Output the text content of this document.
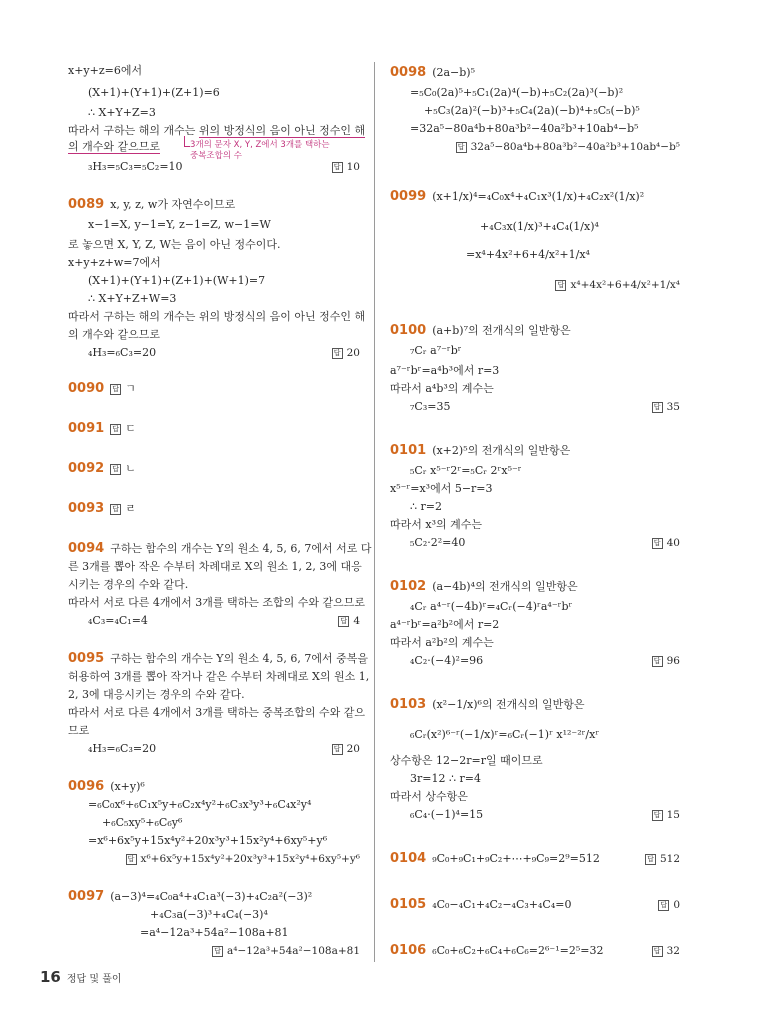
x+y+z=6에서
(X+1)+(Y+1)+(Z+1)=6
∴ X+Y+Z=3
따라서 구하는 해의 개수는 위의 방정식의 음이 아닌 정수인 해
의 개수와 같으므로	3개의 문자 X, Y, Z에서 3개를 택하는
중복조합의 수
₃H₃=₅C₃=₅C₂=10	답 10
0089 x, y, z, w가 자연수이므로
x−1=X, y−1=Y, z−1=Z, w−1=W
로 놓으면 X, Y, Z, W는 음이 아닌 정수이다.
x+y+z+w=7에서
(X+1)+(Y+1)+(Z+1)+(W+1)=7
∴ X+Y+Z+W=3
따라서 구하는 해의 개수는 위의 방정식의 음이 아닌 정수인 해
의 개수와 같으므로
₄H₃=₆C₃=20	답 20
0090 답 ㄱ
0091 답 ㄷ
0092 답 ㄴ
0093 답 ㄹ
0094 구하는 함수의 개수는 Y의 원소 4, 5, 6, 7에서 서로 다
른 3개를 뽑아 작은 수부터 차례대로 X의 원소 1, 2, 3에 대응
시키는 경우의 수와 같다.
따라서 서로 다른 4개에서 3개를 택하는 조합의 수와 같으므로
₄C₃=₄C₁=4	답 4
0095 구하는 함수의 개수는 Y의 원소 4, 5, 6, 7에서 중복을
허용하여 3개를 뽑아 작거나 같은 수부터 차례대로 X의 원소 1,
2, 3에 대응시키는 경우의 수와 같다.
따라서 서로 다른 4개에서 3개를 택하는 중복조합의 수와 같으
므로
₄H₃=₆C₃=20	답 20
0096 (x+y)⁶
=₆C₀x⁶+₆C₁x⁵y+₆C₂x⁴y²+₆C₃x³y³+₆C₄x²y⁴
+₆C₅xy⁵+₆C₆y⁶
=x⁶+6x⁵y+15x⁴y²+20x³y³+15x²y⁴+6xy⁵+y⁶
답 x⁶+6x⁵y+15x⁴y²+20x³y³+15x²y⁴+6xy⁵+y⁶
0097 (a−3)⁴=₄C₀a⁴+₄C₁a³(−3)+₄C₂a²(−3)²
+₄C₃a(−3)³+₄C₄(−3)⁴
=a⁴−12a³+54a²−108a+81
답 a⁴−12a³+54a²−108a+81
0098 (2a−b)⁵
=₅C₀(2a)⁵+₅C₁(2a)⁴(−b)+₅C₂(2a)³(−b)²
+₅C₃(2a)²(−b)³+₅C₄(2a)(−b)⁴+₅C₅(−b)⁵
=32a⁵−80a⁴b+80a³b²−40a²b³+10ab⁴−b⁵
답 32a⁵−80a⁴b+80a³b²−40a²b³+10ab⁴−b⁵
0099 (x+1/x)⁴=₄C₀x⁴+₄C₁x³(1/x)+₄C₂x²(1/x)²
+₄C₃x(1/x)³+₄C₄(1/x)⁴
=x⁴+4x²+6+4/x²+1/x⁴
답 x⁴+4x²+6+4/x²+1/x⁴
0100 (a+b)⁷의 전개식의 일반항은
₇Cᵣ a⁷⁻ʳbʳ
a⁷⁻ʳbʳ=a⁴b³에서 r=3
따라서 a⁴b³의 계수는
₇C₃=35	답 35
0101 (x+2)⁵의 전개식의 일반항은
₅Cᵣ x⁵⁻ʳ2ʳ=₅Cᵣ 2ʳx⁵⁻ʳ
x⁵⁻ʳ=x³에서 5−r=3
∴ r=2
따라서 x³의 계수는
₅C₂·2²=40	답 40
0102 (a−4b)⁴의 전개식의 일반항은
₄Cᵣ a⁴⁻ʳ(−4b)ʳ=₄Cᵣ(−4)ʳa⁴⁻ʳbʳ
a⁴⁻ʳbʳ=a²b²에서 r=2
따라서 a²b²의 계수는
₄C₂·(−4)²=96	답 96
0103 (x²−1/x)⁶의 전개식의 일반항은
₆Cᵣ(x²)⁶⁻ʳ(−1/x)ʳ=₆Cᵣ(−1)ʳ x¹²⁻²ʳ/xʳ
상수항은 12−2r=r일 때이므로
3r=12 ∴ r=4
따라서 상수항은
₆C₄·(−1)⁴=15	답 15
0104 ₉C₀+₉C₁+₉C₂+⋯+₉C₉=2⁹=512	답 512
0105 ₄C₀−₄C₁+₄C₂−₄C₃+₄C₄=0	답 0
0106 ₆C₀+₆C₂+₆C₄+₆C₆=2⁶⁻¹=2⁵=32	답 32
16 정답 및 풀이
